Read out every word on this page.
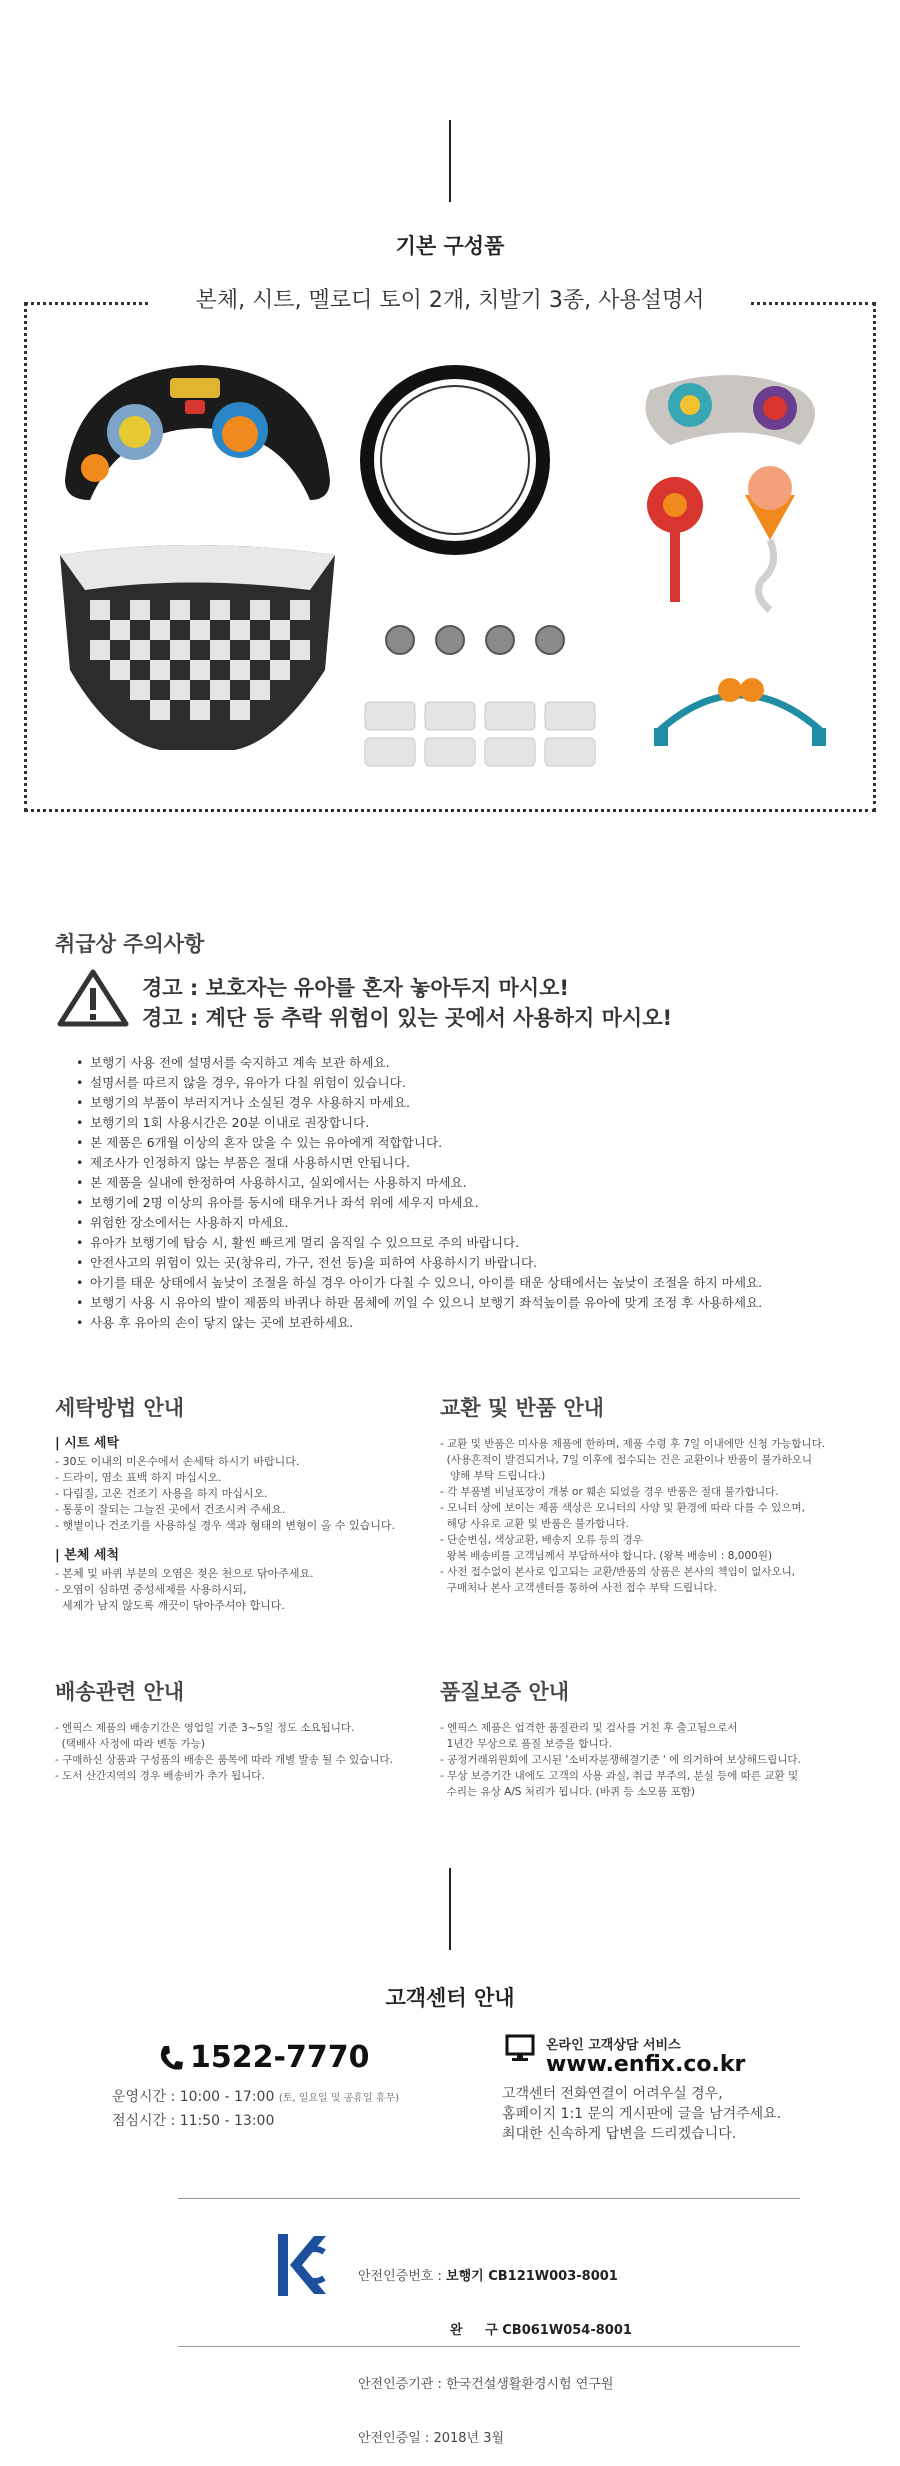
기본 구성품
본체, 시트, 멜로디 토이 2개, 치발기 3종, 사용설명서
취급상 주의사항
경고 : 보호자는 유아를 혼자 놓아두지 마시오!
경고 : 계단 등 추락 위험이 있는 곳에서 사용하지 마시오!
• 보행기 사용 전에 설명서를 숙지하고 계속 보관 하세요.
• 설명서를 따르지 않을 경우, 유아가 다칠 위험이 있습니다.
• 보행기의 부품이 부러지거나 소실된 경우 사용하지 마세요.
• 보행기의 1회 사용시간은 20분 이내로 권장합니다.
• 본 제품은 6개월 이상의 혼자 앉을 수 있는 유아에게 적합합니다.
• 제조사가 인정하지 않는 부품은 절대 사용하시면 안됩니다.
• 본 제품을 실내에 한정하여 사용하시고, 실외에서는 사용하지 마세요.
• 보행기에 2명 이상의 유아를 동시에 태우거나 좌석 위에 세우지 마세요.
• 위험한 장소에서는 사용하지 마세요.
• 유아가 보행기에 탑승 시, 활씬 빠르게 멀리 움직일 수 있으므로 주의 바랍니다.
• 안전사고의 위험이 있는 곳(창유리, 가구, 전선 등)을 피하여 사용하시기 바랍니다.
• 아기를 태운 상태에서 높낮이 조절을 하실 경우 아이가 다칠 수 있으니, 아이를 태운 상태에서는 높낮이 조절을 하지 마세요.
• 보행기 사용 시 유아의 발이 제품의 바퀴나 하판 몸체에 끼일 수 있으니 보행기 좌석높이를 유아에 맞게 조정 후 사용하세요.
• 사용 후 유아의 손이 닿지 않는 곳에 보관하세요.
세탁방법 안내
| 시트 세탁

- 30도 이내의 미온수에서 손세탁 하시기 바랍니다.

- 드라이, 염소 표백 하지 마십시오.

- 다림질, 고온 건조기 사용을 하지 마십시오.

- 통풍이 잘되는 그늘진 곳에서 건조시켜 주세요.

- 햇볕이나 건조기를 사용하실 경우 색과 형태의 변형이 올 수 있습니다.

| 본체 세척

- 본체 및 바퀴 부분의 오염은 젖은 천으로 닦아주세요.

- 오염이 심하면 중성세제를 사용하시되,

세제가 남지 않도록 깨끗이 닦아주셔야 합니다.

교환 및 반품 안내

- 교환 및 반품은 미사용 제품에 한하며, 제품 수령 후 7일 이내에만 신청 가능합니다.

(사용흔적이 발견되거나, 7일 이후에 접수되는 건은 교환이나 반품이 불가하오니

양해 부탁 드립니다.)

- 각 부품별 비닐포장이 개봉 or 훼손 되었을 경우 반품은 절대 불가합니다.

- 모니터 상에 보이는 제품 색상은 모니터의 사양 및 환경에 따라 다를 수 있으며,

해당 사유로 교환 및 반품은 불가합니다.

- 단순변심, 색상교환, 배송지 오류 등의 경우

왕복 배송비를 고객님께서 부담하셔야 합니다. (왕복 배송비 : 8,000원)

- 사전 접수없이 본사로 입고되는 교환/반품의 상품은 본사의 책임이 없사오니,

구매처나 본사 고객센터를 통하여 사전 접수 부탁 드립니다.

배송관련 안내

- 엔픽스 제품의 배송기간은 영업일 기준 3~5일 정도 소요됩니다.

(택배사 사정에 따라 변동 가능)

- 구매하신 상품과 구성품의 배송은 품목에 따라 개별 발송 될 수 있습니다.

- 도서 산간지역의 경우 배송비가 추가 됩니다.

품질보증 안내

- 엔픽스 제품은 엄격한 품질관리 및 검사를 거친 후 출고됨으로서

1년간 무상으로 품질 보증을 합니다.

- 공정거래위원회에 고시된 '소비자분쟁해결기준 ' 에 의거하여 보상해드립니다.

- 무상 보증기간 내에도 고객의 사용 과실, 취급 부주의, 분실 등에 따른 교환 및

수리는 유상 A/S 처리가 됩니다. (바퀴 등 소모품 포함)

고객센터 안내
1522-7770
운영시간 : 10:00 - 17:00 (토, 일요일 및 공휴일 휴무)
점심시간 : 11:50 - 13:00
온라인 고객상담 서비스
www.enfix.co.kr
고객센터 전화연결이 어려우실 경우,
홈페이지 1:1 문의 게시판에 글을 남겨주세요.
최대한 신속하게 답변을 드리겠습니다.

안전인증번호 : 보행기 CB121W003-8001

완     구 CB061W054-8001

안전인증기관 : 한국건설생활환경시험 연구원

안전인증일 : 2018년 3월
